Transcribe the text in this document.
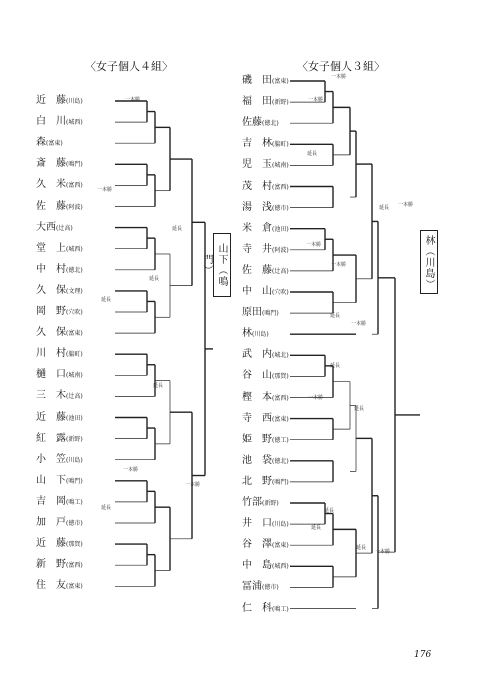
〈女子個人４組〉	〈女子個人３組〉
近　藤(川島)
白　川(城西)
森(富東)
斎　藤(鳴門)
久　米(富西)
佐　藤(阿波)
大西(辻高)
堂　上(城西)
中　村(徳北)
久　保(文理)
岡　野(穴吹)
久　保(富東)
川　村(脇町)
樋　口(城南)
三　木(辻高)
近　藤(池田)
紅　露(新野)
小　笠(川島)
山　下(鳴門)
吉　岡(鳴工)
加　戸(徳市)
近　藤(那賀)
新　野(富西)
住　友(富東)
磯　田(富東)
福　田(新野)
佐藤(徳北)
吉　林(脇町)
児　玉(城南)
茂　村(富西)
湯　浅(徳市)
米　倉(池田)
寺　井(阿波)
佐　藤(辻高)
中　山(穴吹)
原田(鳴門)
林(川島)
武　内(城北)
谷　山(那賀)
樫　本(富西)
寺　西(富東)
姫　野(徳工)
池　袋(徳北)
北　野(鳴門)
竹部(新野)
井　口(川島)
谷　澤(富東)
中　島(城西)
冨浦(徳市)
仁　科(鳴工)
山下（鳴門）	林（川島）
176
一本勝
一本勝
延長
延長
延長
延長
一本勝
延長
一本勝
一本勝
一本勝
延長
延長 一本勝
一本勝
一本勝
延長
一本勝
延長
一本勝
延長
延長
延長
延長
一本勝
